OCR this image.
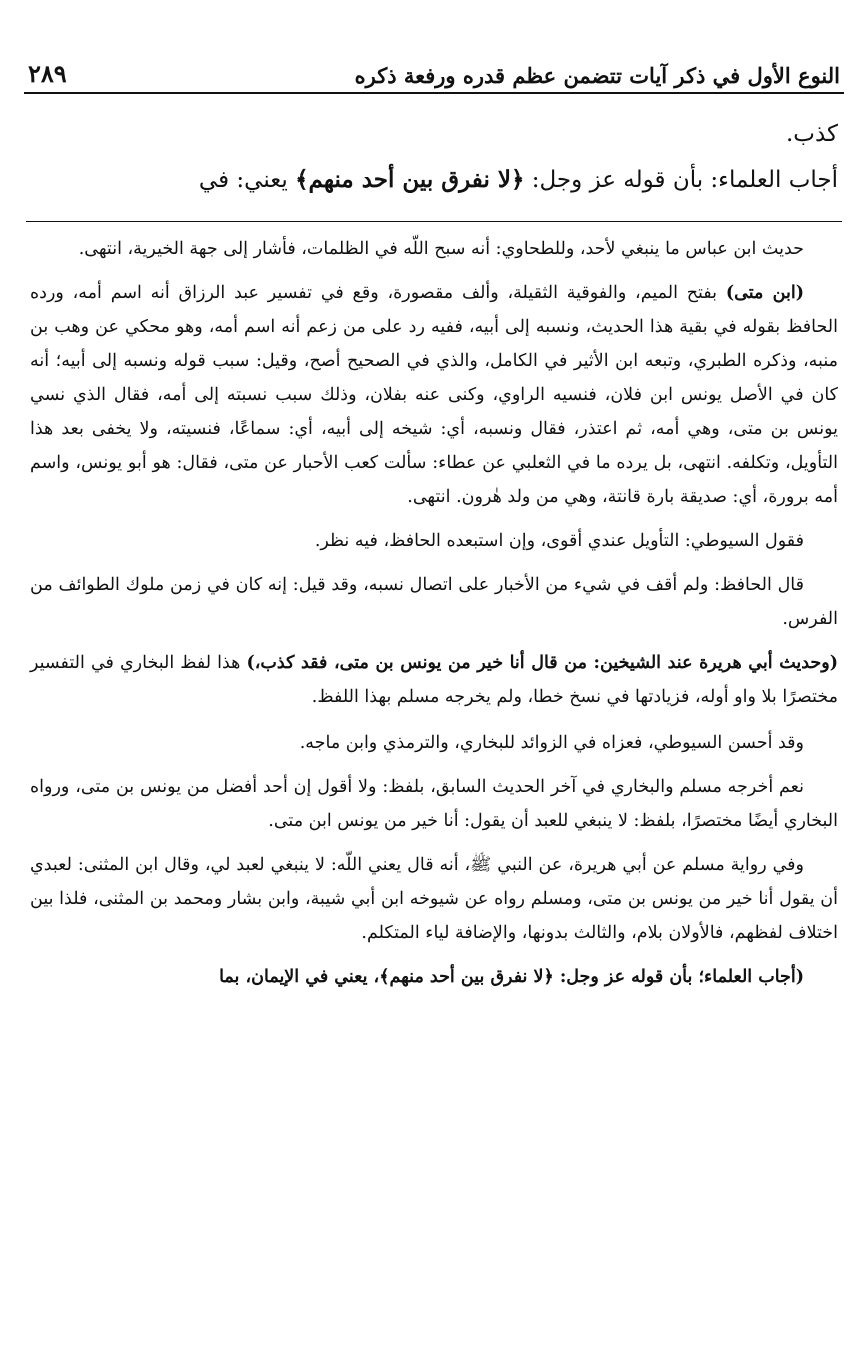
النوع الأول في ذكر آيات تتضمن عظم قدره ورفعة ذكره
٢٨٩
كذب.
أجاب العلماء: بأن قوله عز وجل: ﴿لا نفرق بين أحد منهم﴾ يعني: في

حديث ابن عباس ما ينبغي لأحد، وللطحاوي: أنه سبح اللّه في الظلمات، فأشار إلى جهة الخيرية، انتهى.

(ابن متى) بفتح الميم، والفوقية الثقيلة، وألف مقصورة، وقع في تفسير عبد الرزاق أنه اسم أمه، ورده الحافظ بقوله في بقية هذا الحديث، ونسبه إلى أبيه، ففيه رد على من زعم أنه اسم أمه، وهو محكي عن وهب بن منبه، وذكره الطبري، وتبعه ابن الأثير في الكامل، والذي في الصحيح أصح، وقيل: سبب قوله ونسبه إلى أبيه؛ أنه كان في الأصل يونس ابن فلان، فنسيه الراوي، وكنى عنه بفلان، وذلك سبب نسبته إلى أمه، فقال الذي نسي يونس بن متى، وهي أمه، ثم اعتذر، فقال ونسبه، أي: شيخه إلى أبيه، أي: سماعًا، فنسيته، ولا يخفى بعد هذا التأويل، وتكلفه. انتهى، بل يرده ما في الثعلبي عن عطاء: سألت كعب الأحبار عن متى، فقال: هو أبو يونس، واسم أمه برورة، أي: صديقة بارة قانتة، وهي من ولد هٰرون. انتهى.

فقول السيوطي: التأويل عندي أقوى، وإن استبعده الحافظ، فيه نظر.

قال الحافظ: ولم أقف في شيء من الأخبار على اتصال نسبه، وقد قيل: إنه كان في زمن ملوك الطوائف من الفرس.

(وحديث أبي هريرة عند الشيخين: من قال أنا خير من يونس بن متى، فقد كذب،) هذا لفظ البخاري في التفسير مختصرًا بلا واو أوله، فزيادتها في نسخ خطا، ولم يخرجه مسلم بهذا اللفظ.

وقد أحسن السيوطي، فعزاه في الزوائد للبخاري، والترمذي وابن ماجه.

نعم أخرجه مسلم والبخاري في آخر الحديث السابق، بلفظ: ولا أقول إن أحد أفضل من يونس بن متى، ورواه البخاري أيضًا مختصرًا، بلفظ: لا ينبغي للعبد أن يقول: أنا خير من يونس ابن متى.

وفي رواية مسلم عن أبي هريرة، عن النبي ﷺ، أنه قال يعني اللّه: لا ينبغي لعبد لي، وقال ابن المثنى: لعبدي أن يقول أنا خير من يونس بن متى، ومسلم رواه عن شيوخه ابن أبي شيبة، وابن بشار ومحمد بن المثنى، فلذا بين اختلاف لفظهم، فالأولان بلام، والثالث بدونها، والإضافة لياء المتكلم.

(أجاب العلماء؛ بأن قوله عز وجل: ﴿لا نفرق بين أحد منهم﴾، يعني في الإيمان، بما
